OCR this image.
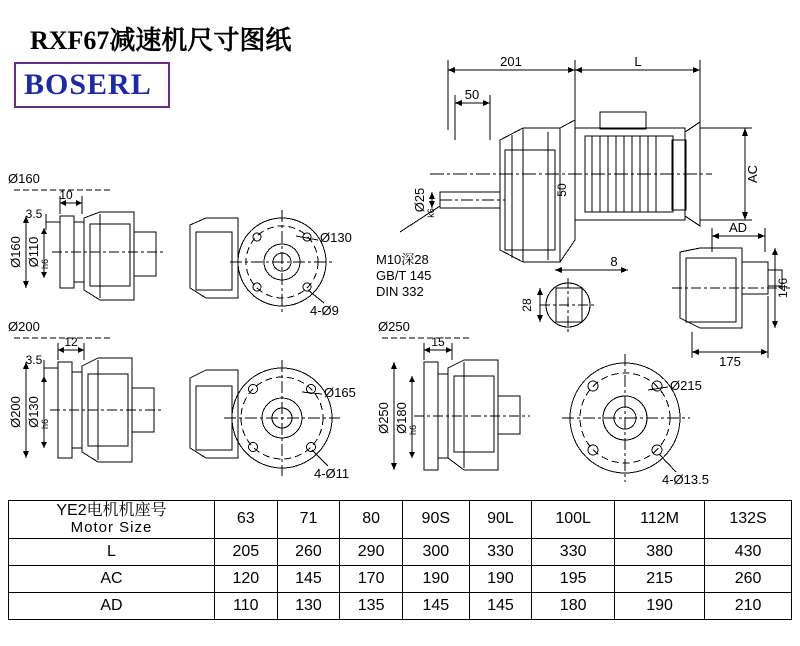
RXF67减速机尺寸图纸
BOSERL
201	L
50
Ø25
k6
50
AC
AD
146
175
8
28
M10深28
GB/T 145
DIN 332
Ø160
10
3.5
Ø160 Ø110 h6
Ø130
4-Ø9
Ø200
12
3.5
Ø200 Ø130 h6
Ø165
4-Ø11
Ø250
15
Ø250 Ø180 h6
Ø215
4-Ø13.5
YE2电机机座号
Motor Size	63	71	80	90S	90L	100L	112M	132S
L	205	260	290	300	330	330	380	430
AC	120	145	170	190	190	195	215	260
AD	110	130	135	145	145	180	190	210
